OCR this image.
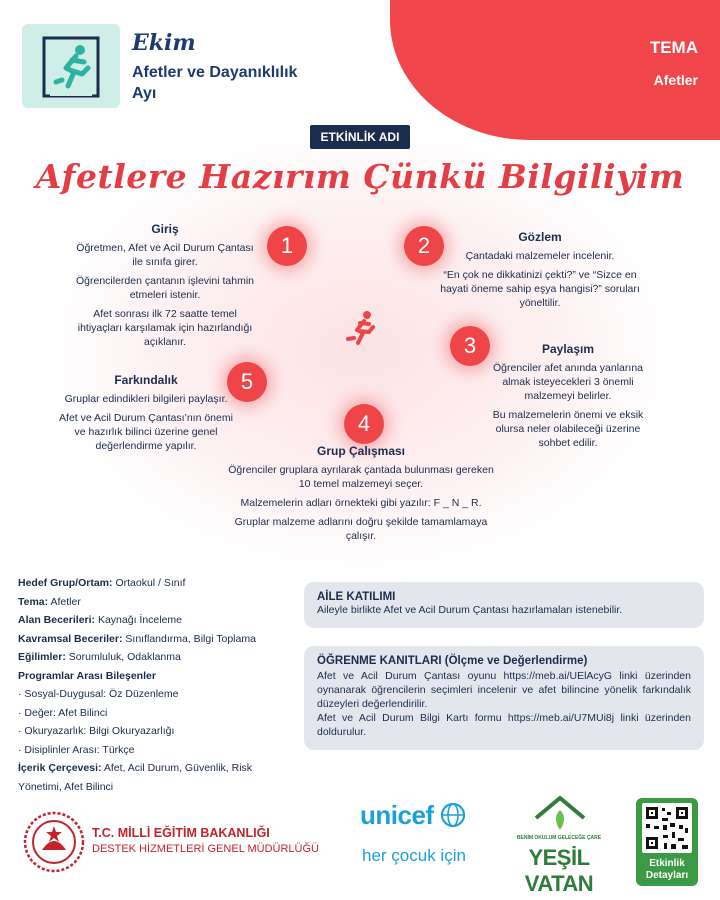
TEMA
Afetler
Ekim
Afetler ve Dayanıklılık Ayı
ETKİNLİK ADI
Afetlere Hazırım Çünkü Bilgiliyim
1
Giriş
Öğretmen, Afet ve Acil Durum Çantası ile sınıfa girer.
Öğrencilerden çantanın işlevini tahmin etmeleri istenir.
Afet sonrası ilk 72 saatte temel ihtiyaçları karşılamak için hazırlandığı açıklanır.
2	Gözlem
Çantadaki malzemeler incelenir.
“En çok ne dikkatinizi çekti?” ve “Sizce en hayati öneme sahip eşya hangisi?” soruları yöneltilir.
3	Paylaşım
Öğrenciler afet anında yanlarına almak isteyecekleri 3 önemli malzemeyi belirler.
Bu malzemelerin önemi ve eksik olursa neler olabileceği üzerine sohbet edilir.
5
Farkındalık
Gruplar edindikleri bilgileri paylaşır.
Afet ve Acil Durum Çantası’nın önemi ve hazırlık bilinci üzerine genel değerlendirme yapılır.
4
Grup Çalışması
Öğrenciler gruplara ayrılarak çantada bulunması gereken 10 temel malzemeyi seçer.
Malzemelerin adları örnekteki gibi yazılır: F _ N _ R.
Gruplar malzeme adlarını doğru şekilde tamamlamaya çalışır.
Hedef Grup/Ortam: Ortaokul / Sınıf
Tema: Afetler
Alan Becerileri: Kaynağı İnceleme
Kavramsal Beceriler: Sınıflandırma, Bilgi Toplama
Eğilimler: Sorumluluk, Odaklanma
Programlar Arası Bileşenler
· Sosyal-Duygusal: Öz Düzenleme
· Değer: Afet Bilinci
· Okuryazarlık: Bilgi Okuryazarlığı
· Disiplinler Arası: Türkçe
İçerik Çerçevesi: Afet, Acil Durum, Güvenlik, Risk Yönetimi, Afet Bilinci
AİLE KATILIMI
Aileyle birlikte Afet ve Acil Durum Çantası hazırlamaları istenebilir.
ÖĞRENME KANITLARI (Ölçme ve Değerlendirme)
Afet ve Acil Durum Çantası oyunu https://meb.ai/UElAcyG linki üzerinden oynanarak öğrencilerin seçimleri incelenir ve afet bilincine yönelik farkındalık düzeyleri değerlendirilir.
Afet ve Acil Durum Bilgi Kartı formu https://meb.ai/U7MUi8j linki üzerinden doldurulur.
T.C. MİLLİ EĞİTİM BAKANLIĞI
DESTEK HİZMETLERİ GENEL MÜDÜRLÜĞÜ
unicef
her çocuk için
BENİM OKULUM GELECEĞE ÇARE
YEŞİL VATAN
Etkinlik Detayları
